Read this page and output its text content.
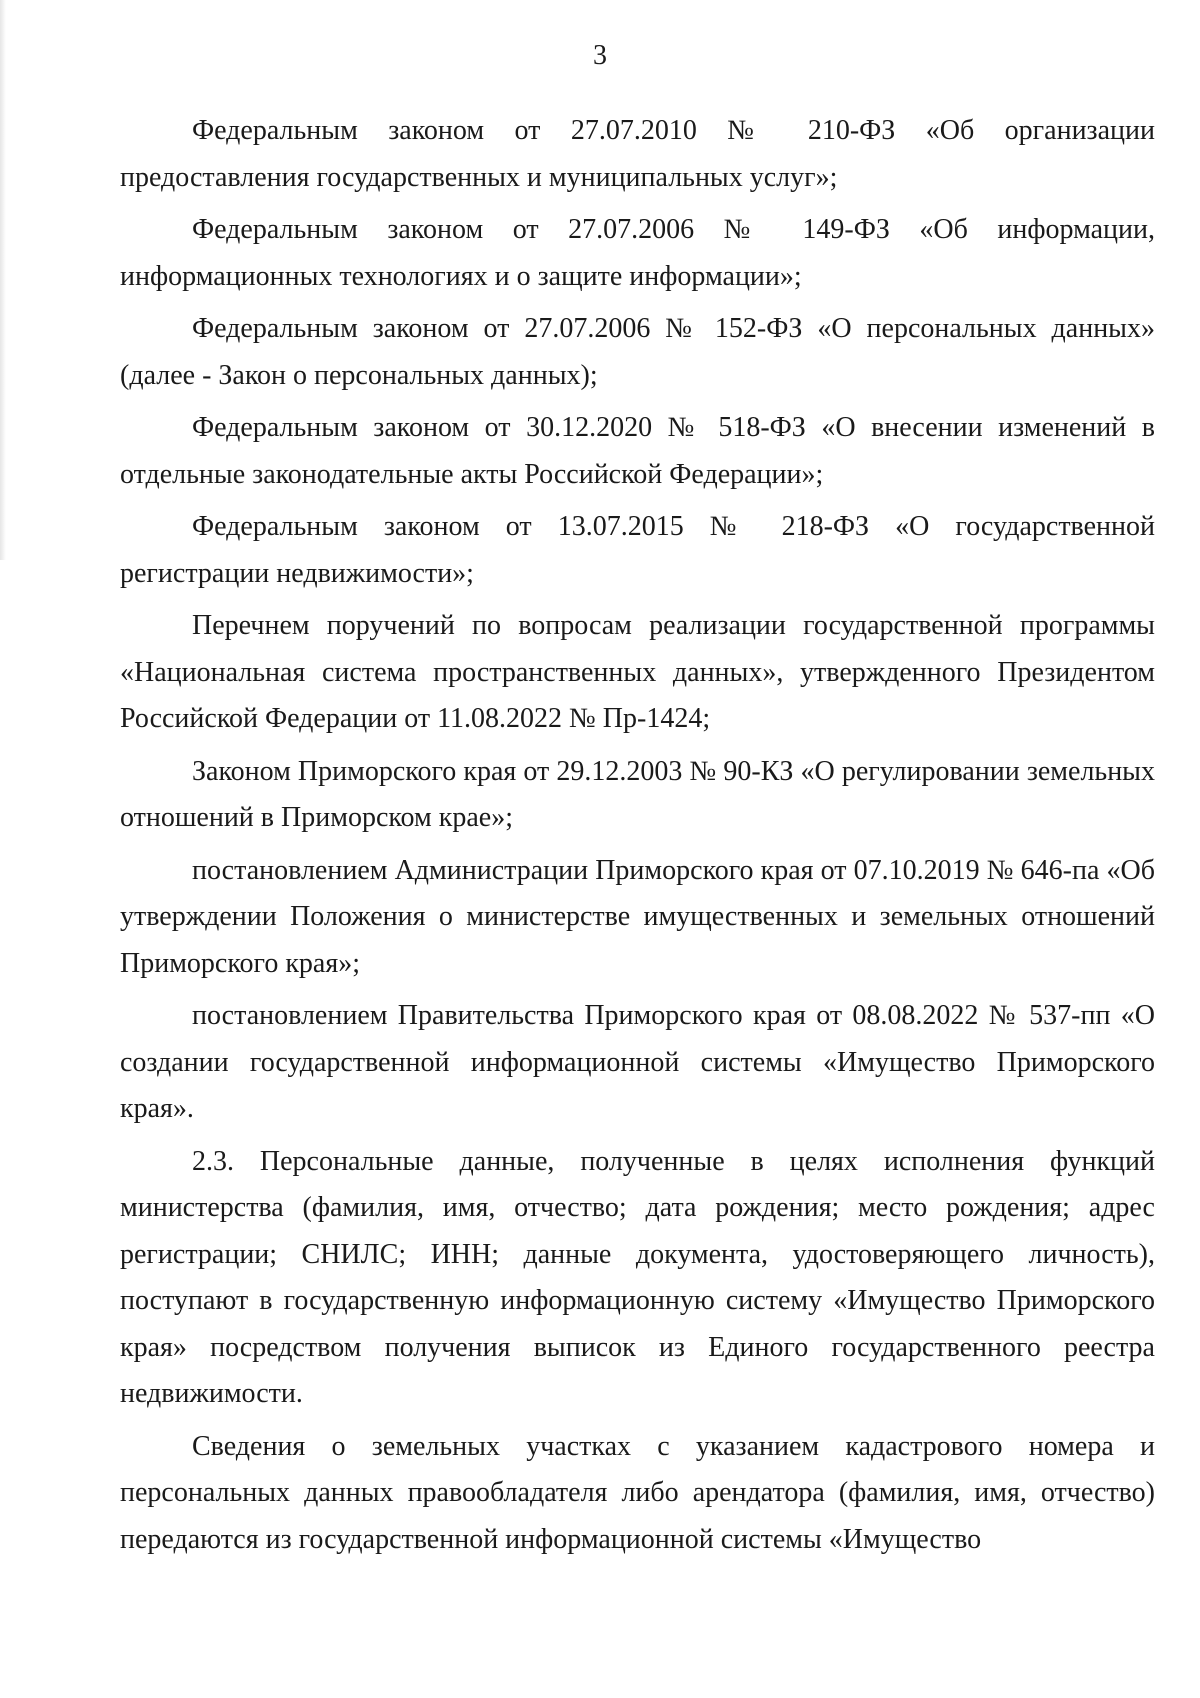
3

Федеральным законом от 27.07.2010 № 210-ФЗ «Об организации предоставления государственных и муниципальных услуг»;

Федеральным законом от 27.07.2006 № 149-ФЗ «Об информации, информационных технологиях и о защите информации»;

Федеральным законом от 27.07.2006 № 152-ФЗ «О персональных данных» (далее - Закон о персональных данных);

Федеральным законом от 30.12.2020 № 518-ФЗ «О внесении изменений в отдельные законодательные акты Российской Федерации»;

Федеральным законом от 13.07.2015 № 218-ФЗ «О государственной регистрации недвижимости»;

Перечнем поручений по вопросам реализации государственной программы «Национальная система пространственных данных», утвержденного Президентом Российской Федерации от 11.08.2022 № Пр-1424;

Законом Приморского края от 29.12.2003 № 90-КЗ «О регулировании земельных отношений в Приморском крае»;

постановлением Администрации Приморского края от 07.10.2019 № 646-па «Об утверждении Положения о министерстве имущественных и земельных отношений Приморского края»;

постановлением Правительства Приморского края от 08.08.2022 № 537-пп «О создании государственной информационной системы «Имущество Приморского края».

2.3. Персональные данные, полученные в целях исполнения функций министерства (фамилия, имя, отчество; дата рождения; место рождения; адрес регистрации; СНИЛС; ИНН; данные документа, удостоверяющего личность), поступают в государственную информационную систему «Имущество Приморского края» посредством получения выписок из Единого государственного реестра недвижимости.

Сведения о земельных участках с указанием кадастрового номера и персональных данных правообладателя либо арендатора (фамилия, имя, отчество) передаются из государственной информационной системы «Имущество
